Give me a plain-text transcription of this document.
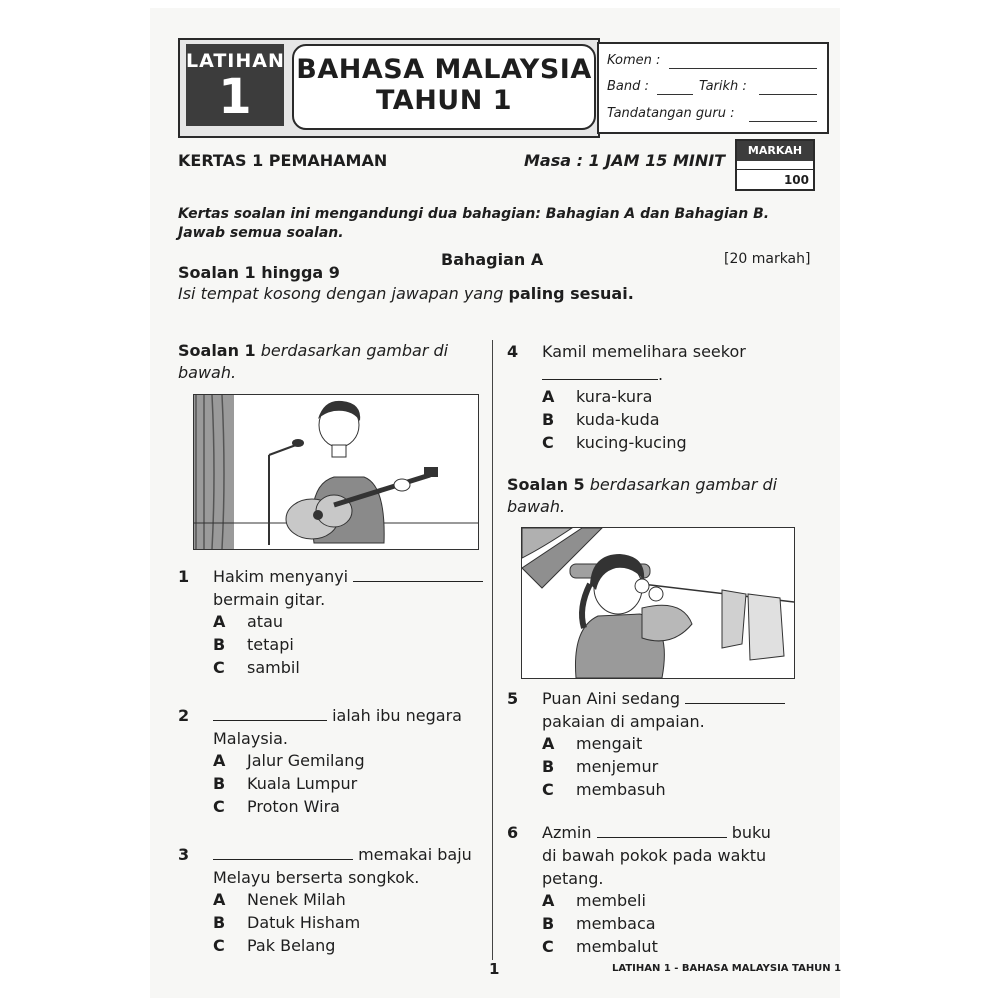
LATIHAN
1	BAHASA MALAYSIA
TAHUN 1
Komen :
Band :	Tarikh :
Tandatangan guru :
KERTAS 1 PEMAHAMAN	Masa : 1 JAM 15 MINIT
MARKAH
100
Kertas soalan ini mengandungi dua bahagian: Bahagian A dan Bahagian B. Jawab semua soalan.
Bahagian A	[20 markah]
Soalan 1 hingga 9
Isi tempat kosong dengan jawapan yang paling sesuai.
Soalan 1 berdasarkan gambar di
bawah.
1 Hakim menyanyi
bermain gitar.
A atau
B tetapi
C sambil
2	ialah ibu negara
Malaysia.
A Jalur Gemilang
B Kuala Lumpur
C Proton Wira
3	memakai baju
Melayu berserta songkok.
A Nenek Milah
B Datuk Hisham
C Pak Belang
4 Kamil memelihara seekor
.
A kura-kura
B kuda-kuda
C kucing-kucing
Soalan 5 berdasarkan gambar di
bawah.
5 Puan Aini sedang
pakaian di ampaian.
A mengait
B menjemur
C membasuh
6 Azmin	buku
di bawah pokok pada waktu
petang.
A membeli
B membaca
C membalut
1	LATIHAN 1 - BAHASA MALAYSIA TAHUN 1
